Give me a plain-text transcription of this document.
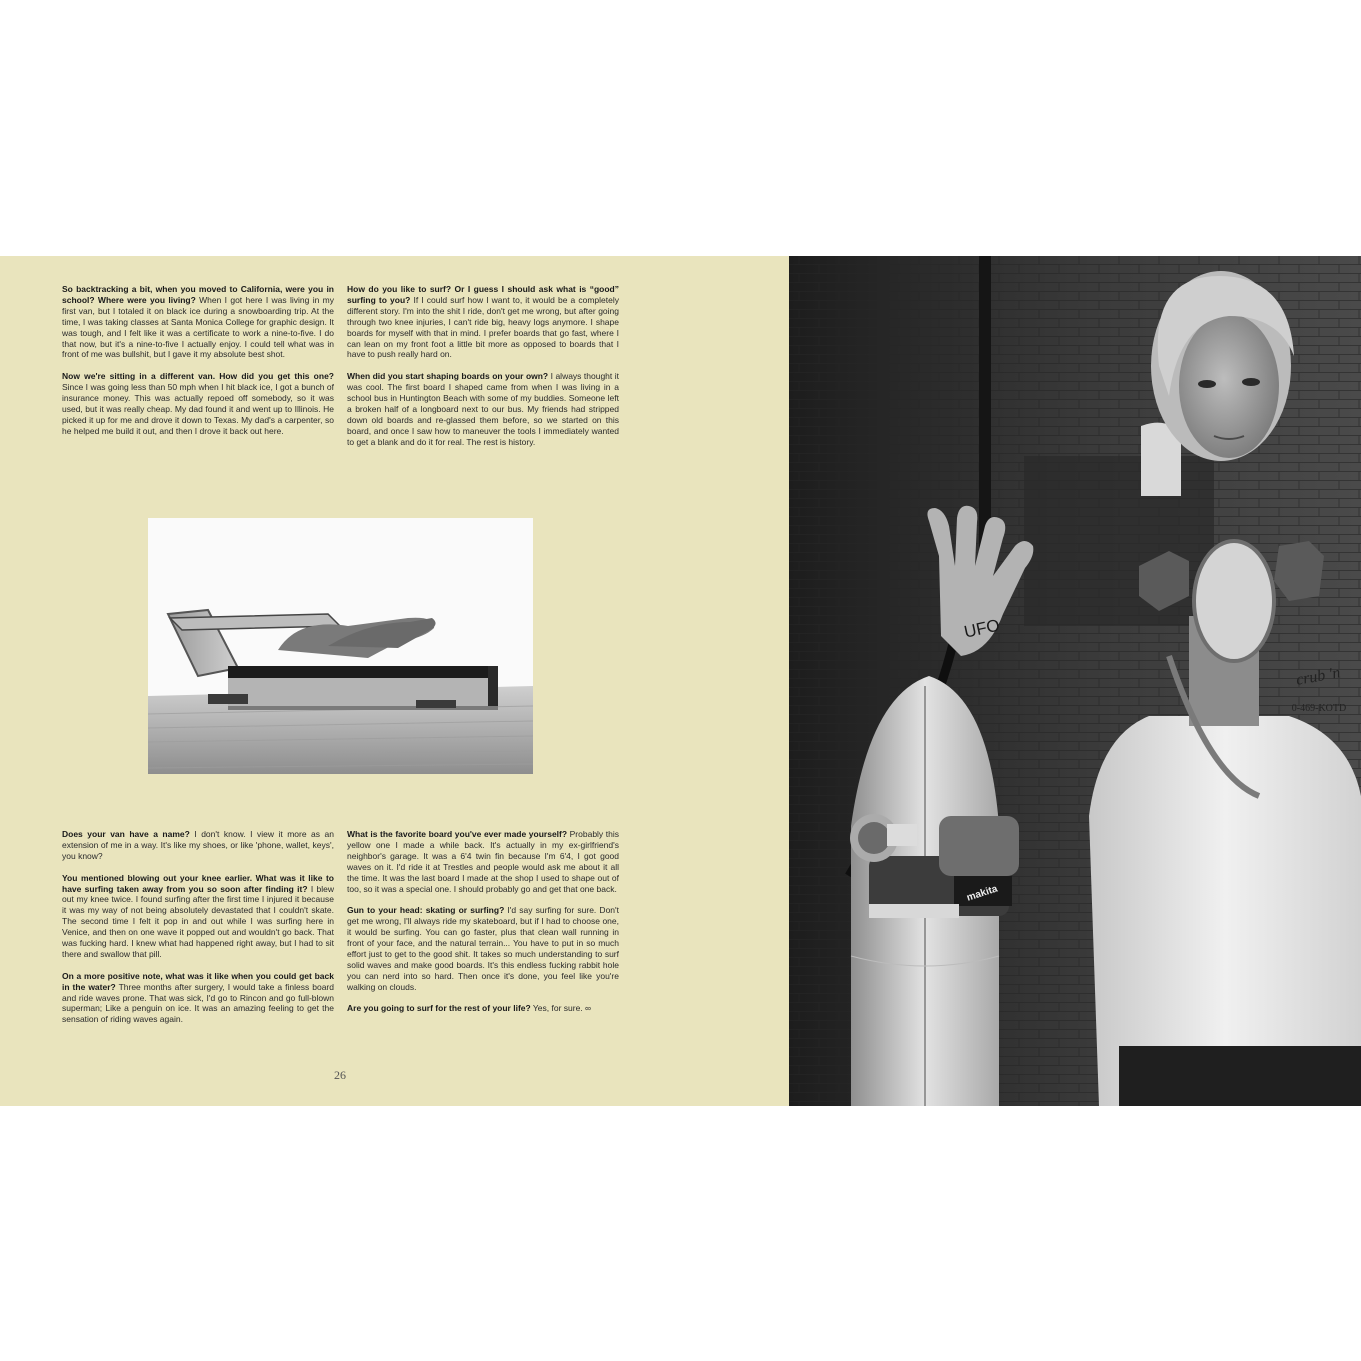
So backtracking a bit, when you moved to California, were you in school? Where were you living? When I got here I was living in my first van, but I totaled it on black ice during a snowboarding trip. At the time, I was taking classes at Santa Monica College for graphic design. It was tough, and I felt like it was a certificate to work a nine-to-five. I do that now, but it's a nine-to-five I actually enjoy. I could tell what was in front of me was bullshit, but I gave it my absolute best shot.

Now we're sitting in a different van. How did you get this one? Since I was going less than 50 mph when I hit black ice, I got a bunch of insurance money. This was actually repoed off somebody, so it was used, but it was really cheap. My dad found it and went up to Illinois. He picked it up for me and drove it down to Texas. My dad's a carpenter, so he helped me build it out, and then I drove it back out here.

How do you like to surf? Or I guess I should ask what is “good” surfing to you? If I could surf how I want to, it would be a completely different story. I'm into the shit I ride, don't get me wrong, but after going through two knee injuries, I can't ride big, heavy logs anymore. I shape boards for myself with that in mind. I prefer boards that go fast, where I can lean on my front foot a little bit more as opposed to boards that I have to push really hard on.

When did you start shaping boards on your own? I always thought it was cool. The first board I shaped came from when I was living in a school bus in Huntington Beach with some of my buddies. Someone left a broken half of a longboard next to our bus. My friends had stripped down old boards and re-glassed them before, so we started on this board, and once I saw how to maneuver the tools I immediately wanted to get a blank and do it for real. The rest is history.

Does your van have a name? I don't know. I view it more as an extension of me in a way. It's like my shoes, or like 'phone, wallet, keys', you know?

You mentioned blowing out your knee earlier. What was it like to have surfing taken away from you so soon after finding it? I blew out my knee twice. I found surfing after the first time I injured it because it was my way of not being absolutely devastated that I couldn't skate. The second time I felt it pop in and out while I was surfing here in Venice, and then on one wave it popped out and wouldn't go back. That was fucking hard. I knew what had happened right away, but I had to sit there and swallow that pill.

On a more positive note, what was it like when you could get back in the water? Three months after surgery, I would take a finless board and ride waves prone. That was sick, I'd go to Rincon and go full-blown superman; Like a penguin on ice. It was an amazing feeling to get the sensation of riding waves again.

What is the favorite board you've ever made yourself? Probably this yellow one I made a while back. It's actually in my ex-girlfriend's neighbor's garage. It was a 6'4 twin fin because I'm 6'4, I got good waves on it. I'd ride it at Trestles and people would ask me about it all the time. It was the last board I made at the shop I used to shape out of too, so it was a special one. I should probably go and get that one back.

Gun to your head: skating or surfing? I'd say surfing for sure. Don't get me wrong, I'll always ride my skateboard, but if I had to choose one, it would be surfing. You can go faster, plus that clean wall running in front of your face, and the natural terrain... You have to put in so much effort just to get to the good shit. It takes so much understanding to surf solid waves and make good boards. It's this endless fucking rabbit hole you can nerd into so hard. Then once it's done, you feel like you're walking on clouds.

Are you going to surf for the rest of your life? Yes, for sure. ∞

26
makita
crub 'n
0-469-KOTD
UFO
